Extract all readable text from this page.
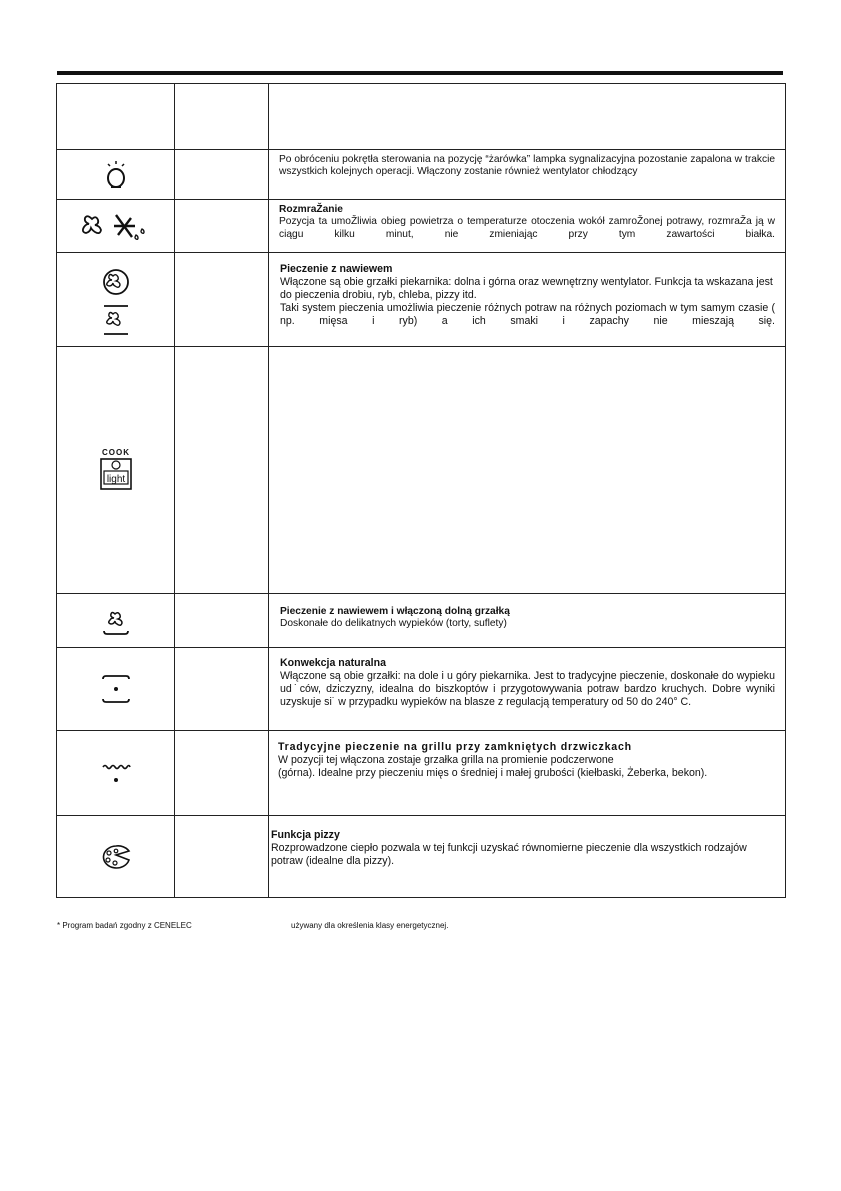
Po obróceniu pokrętła sterowania na pozycję “żarówka” lampka sygnalizacyjna pozostanie zapalona w trakcie wszystkich kolejnych operacji. Włączony zostanie również wentylator chłodzący

RozmraŽanie
Pozycja ta umoŽliwia obieg powietrza o temperaturze otoczenia wokół zamroŽonej potrawy, rozmraŽa ją w ciągu kilku minut, nie zmieniając przy tym zawartości białka.

Pieczenie z nawiewem
Włączone są obie grzałki piekarnika: dolna i górna oraz wewnętrzny wentylator. Funkcja ta wskazana jest do pieczenia drobiu, ryb, chleba, pizzy itd.
Taki system pieczenia umożliwia pieczenie różnych potraw na różnych poziomach w tym samym czasie ( np. mięsa i ryb) a ich smaki i zapachy nie mieszają się.

COOK
light		

Pieczenie z nawiewem i włączoną dolną grzałką
Doskonałe do delikatnych wypieków (torty, suflety)

Konwekcja naturalna
Włączone są obie grzałki: na dole i u góry piekarnika. Jest to tradycyjne pieczenie, doskonałe do wypieku ud˙ców, dziczyzny, idealna do biszkoptów i przygotowywania potraw bardzo kruchych. Dobre wyniki uzyskuje si˙ w przypadku wypieków na blasze z regulacją temperatury od 50 do 240° C.

Tradycyjne pieczenie na grillu przy zamkniętych drzwiczkach
W pozycji tej włączona zostaje grzałka grilla na promienie podczerwone
(górna). Idealne przy pieczeniu mięs o średniej i małej grubości (kiełbaski, Żeberka, bekon).

Funkcja pizzy
Rozprowadzone ciepło pozwala w tej funkcji uzyskać równomierne pieczenie dla wszystkich rodzajów potraw (idealne dla pizzy).
* Program badań zgodny z CENELEC	używany dla określenia klasy energetycznej.
